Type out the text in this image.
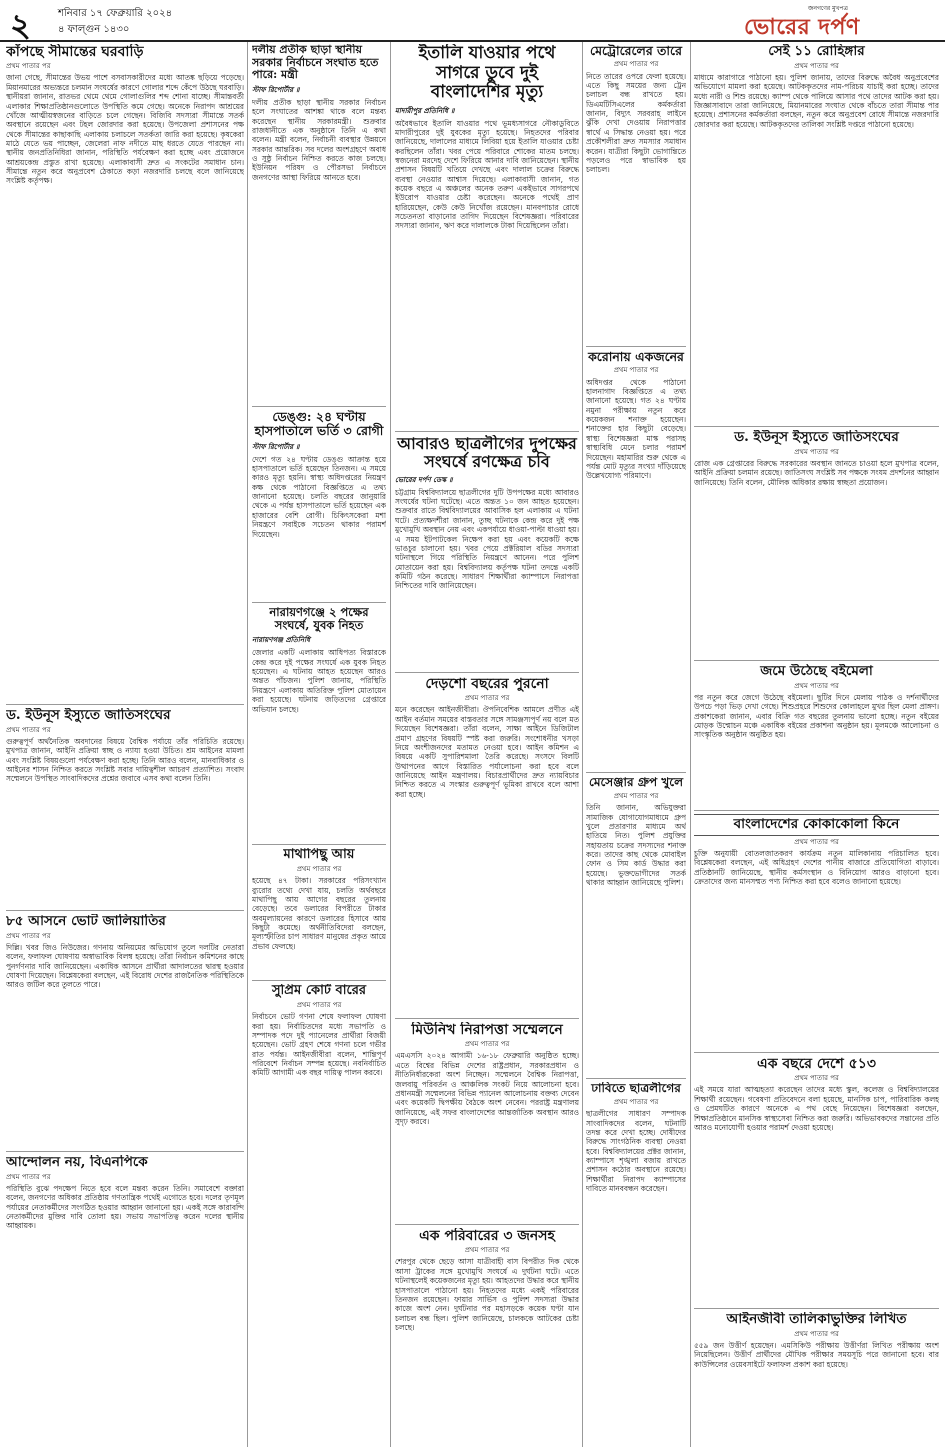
২	শনিবার ১৭ ফেব্রুয়ারি ২০২৪
৪ ফাল্গুন ১৪৩০
জনগণের মুখপত্র
ভোরের দর্পণ
কাঁপছে সীমান্তের ঘরবাড়ি
প্রথম পাতার পর

জানা গেছে, সীমান্তের উভয় পাশে বসবাসকারীদের মধ্যে আতঙ্ক ছড়িয়ে পড়েছে। মিয়ানমারের অভ্যন্তরে চলমান সংঘর্ষের কারণে গোলার শব্দে কেঁপে উঠছে ঘরবাড়ি। স্থানীয়রা জানান, রাতভর থেমে থেমে গোলাগুলির শব্দ শোনা যাচ্ছে। সীমান্তবর্তী এলাকার শিক্ষাপ্রতিষ্ঠানগুলোতে উপস্থিতি কমে গেছে। অনেকে নিরাপদ আশ্রয়ের খোঁজে আত্মীয়স্বজনের বাড়িতে চলে গেছেন। বিজিবি সদস্যরা সীমান্তে সতর্ক অবস্থানে রয়েছেন এবং টহল জোরদার করা হয়েছে। উপজেলা প্রশাসনের পক্ষ থেকে সীমান্তের কাছাকাছি এলাকায় চলাচলে সতর্কতা জারি করা হয়েছে। কৃষকেরা মাঠে যেতে ভয় পাচ্ছেন, জেলেরা নাফ নদীতে মাছ ধরতে যেতে পারছেন না। স্থানীয় জনপ্রতিনিধিরা জানান, পরিস্থিতি পর্যবেক্ষণ করা হচ্ছে এবং প্রয়োজনে আশ্রয়কেন্দ্র প্রস্তুত রাখা হয়েছে। এলাকাবাসী দ্রুত এ সংকটের সমাধান চান। সীমান্তে নতুন করে অনুপ্রবেশ ঠেকাতে কড়া নজরদারি চলছে বলে জানিয়েছে সংশ্লিষ্ট কর্তৃপক্ষ।

ড. ইউনূস ইস্যুতে জাতিসংঘের
প্রথম পাতার পর

গুরুত্বপূর্ণ অর্থনৈতিক অবদানের বিষয়ে বৈশ্বিক পর্যায়ে তাঁর পরিচিতি রয়েছে। মুখপাত্র জানান, আইনি প্রক্রিয়া স্বচ্ছ ও ন্যায্য হওয়া উচিত। শ্রম আইনের মামলা এবং সংশ্লিষ্ট বিষয়গুলো পর্যবেক্ষণ করা হচ্ছে। তিনি আরও বলেন, মানবাধিকার ও আইনের শাসন নিশ্চিত করতে সংশ্লিষ্ট সবার দায়িত্বশীল আচরণ প্রত্যাশিত। সংবাদ সম্মেলনে উপস্থিত সাংবাদিকদের প্রশ্নের জবাবে এসব কথা বলেন তিনি।

৮৫ আসনে ভোট জালিয়াতির
প্রথম পাতার পর

দিল্লি। খবর জিও নিউজের। গণনায় অনিয়মের অভিযোগ তুলে দলটির নেতারা বলেন, ফলাফল ঘোষণায় অস্বাভাবিক বিলম্ব হয়েছে। তাঁরা নির্বাচন কমিশনের কাছে পুনর্গণনার দাবি জানিয়েছেন। একাধিক আসনে প্রার্থীরা আদালতের দ্বারস্থ হওয়ার ঘোষণা দিয়েছেন। বিশ্লেষকেরা বলছেন, এই বিরোধ দেশের রাজনৈতিক পরিস্থিতিকে আরও জটিল করে তুলতে পারে।

আন্দোলন নয়, বিএনপিকে
প্রথম পাতার পর

পরিস্থিতি বুঝে পদক্ষেপ নিতে হবে বলে মন্তব্য করেন তিনি। সমাবেশে বক্তারা বলেন, জনগণের অধিকার প্রতিষ্ঠায় গণতান্ত্রিক পথেই এগোতে হবে। দলের তৃণমূল পর্যায়ের নেতাকর্মীদের সংগঠিত হওয়ার আহ্বান জানানো হয়। একই সঙ্গে কারাবন্দি নেতাকর্মীদের মুক্তির দাবি তোলা হয়। সভায় সভাপতিত্ব করেন দলের স্থানীয় আহ্বায়ক।

দলীয় প্রতীক ছাড়া স্থানীয় সরকার নির্বাচনে সংঘাত হতে পারে: মন্ত্রী
স্টাফ রিপোর্টার ॥

দলীয় প্রতীক ছাড়া স্থানীয় সরকার নির্বাচন হলে সংঘাতের আশঙ্কা থাকে বলে মন্তব্য করেছেন স্থানীয় সরকারমন্ত্রী। শুক্রবার রাজধানীতে এক অনুষ্ঠানে তিনি এ কথা বলেন। মন্ত্রী বলেন, নির্বাচনী ব্যবস্থার উন্নয়নে সরকার আন্তরিক। সব দলের অংশগ্রহণে অবাধ ও সুষ্ঠু নির্বাচন নিশ্চিত করতে কাজ চলছে। ইউনিয়ন পরিষদ ও পৌরসভা নির্বাচনে জনগণের আস্থা ফিরিয়ে আনতে হবে।

ডেঙ্গু: ২৪ ঘণ্টায় হাসপাতালে ভর্তি ৩ রোগী
স্টাফ রিপোর্টার ॥

দেশে গত ২৪ ঘণ্টায় ডেঙ্গু আক্রান্ত হয়ে হাসপাতালে ভর্তি হয়েছেন তিনজন। এ সময়ে কারও মৃত্যু হয়নি। স্বাস্থ্য অধিদপ্তরের নিয়ন্ত্রণ কক্ষ থেকে পাঠানো বিজ্ঞপ্তিতে এ তথ্য জানানো হয়েছে। চলতি বছরের জানুয়ারি থেকে এ পর্যন্ত হাসপাতালে ভর্তি হয়েছেন এক হাজারের বেশি রোগী। চিকিৎসকেরা মশা নিয়ন্ত্রণে সবাইকে সচেতন থাকার পরামর্শ দিয়েছেন।

নারায়ণগঞ্জে ২ পক্ষের সংঘর্ষে, যুবক নিহত
নারায়ণগঞ্জ প্রতিনিধি

জেলার একটি এলাকায় আধিপত্য বিস্তারকে কেন্দ্র করে দুই পক্ষের সংঘর্ষে এক যুবক নিহত হয়েছেন। এ ঘটনায় আহত হয়েছেন আরও অন্তত পাঁচজন। পুলিশ জানায়, পরিস্থিতি নিয়ন্ত্রণে এলাকায় অতিরিক্ত পুলিশ মোতায়েন করা হয়েছে। ঘটনায় জড়িতদের গ্রেপ্তারে অভিযান চলছে।

মাথাপিছু আয়
প্রথম পাতার পর

হয়েছে ৪৭ টাকা। সরকারের পরিসংখ্যান ব্যুরোর তথ্যে দেখা যায়, চলতি অর্থবছরে মাথাপিছু আয় আগের বছরের তুলনায় বেড়েছে। তবে ডলারের বিপরীতে টাকার অবমূল্যায়নের কারণে ডলারের হিসাবে আয় কিছুটা কমেছে। অর্থনীতিবিদেরা বলছেন, মূল্যস্ফীতির চাপ সাধারণ মানুষের প্রকৃত আয়ে প্রভাব ফেলছে।

সুপ্রিম কোর্ট বারের
প্রথম পাতার পর

নির্বাচনে ভোট গণনা শেষে ফলাফল ঘোষণা করা হয়। নির্বাচিতদের মধ্যে সভাপতি ও সম্পাদক পদে দুই প্যানেলের প্রার্থীরা বিজয়ী হয়েছেন। ভোট গ্রহণ শেষে গণনা চলে গভীর রাত পর্যন্ত। আইনজীবীরা বলেন, শান্তিপূর্ণ পরিবেশে নির্বাচন সম্পন্ন হয়েছে। নবনির্বাচিত কমিটি আগামী এক বছর দায়িত্ব পালন করবে।

ইতালি যাওয়ার পথে সাগরে ডুবে দুই বাংলাদেশির মৃত্যু
মাদারীপুর প্রতিনিধি ॥

অবৈধভাবে ইতালি যাওয়ার পথে ভূমধ্যসাগরে নৌকাডুবিতে মাদারীপুরের দুই যুবকের মৃত্যু হয়েছে। নিহতদের পরিবার জানিয়েছে, দালালের মাধ্যমে লিবিয়া হয়ে ইতালি যাওয়ার চেষ্টা করছিলেন তাঁরা। খবর পেয়ে পরিবারে শোকের মাতম চলছে। স্বজনেরা মরদেহ দেশে ফিরিয়ে আনার দাবি জানিয়েছেন। স্থানীয় প্রশাসন বিষয়টি খতিয়ে দেখছে এবং দালাল চক্রের বিরুদ্ধে ব্যবস্থা নেওয়ার আশ্বাস দিয়েছে। এলাকাবাসী জানান, গত কয়েক বছরে এ অঞ্চলের অনেক তরুণ একইভাবে সাগরপথে ইউরোপ যাওয়ার চেষ্টা করেছেন। অনেকে পথেই প্রাণ হারিয়েছেন, কেউ কেউ নিখোঁজ রয়েছেন। মানবপাচার রোধে সচেতনতা বাড়ানোর তাগিদ দিয়েছেন বিশেষজ্ঞরা। পরিবারের সদস্যরা জানান, ঋণ করে দালালকে টাকা দিয়েছিলেন তাঁরা।

আবারও ছাত্রলীগের দুপক্ষের সংঘর্ষে রণক্ষেত্র চবি
ভোরের দর্পণ ডেস্ক ॥

চট্টগ্রাম বিশ্ববিদ্যালয়ে ছাত্রলীগের দুটি উপপক্ষের মধ্যে আবারও সংঘর্ষের ঘটনা ঘটেছে। এতে অন্তত ১০ জন আহত হয়েছেন। শুক্রবার রাতে বিশ্ববিদ্যালয়ের আবাসিক হল এলাকায় এ ঘটনা ঘটে। প্রত্যক্ষদর্শীরা জানান, তুচ্ছ ঘটনাকে কেন্দ্র করে দুই পক্ষ মুখোমুখি অবস্থান নেয় এবং একপর্যায়ে ধাওয়া-পাল্টা ধাওয়া হয়। এ সময় ইটপাটকেল নিক্ষেপ করা হয় এবং কয়েকটি কক্ষে ভাঙচুর চালানো হয়। খবর পেয়ে প্রক্টরিয়াল বডির সদস্যরা ঘটনাস্থলে গিয়ে পরিস্থিতি নিয়ন্ত্রণে আনেন। পরে পুলিশ মোতায়েন করা হয়। বিশ্ববিদ্যালয় কর্তৃপক্ষ ঘটনা তদন্তে একটি কমিটি গঠন করেছে। সাধারণ শিক্ষার্থীরা ক্যাম্পাসে নিরাপত্তা নিশ্চিতের দাবি জানিয়েছেন।

দেড়শো বছরের পুরনো
প্রথম পাতার পর

মনে করেছেন আইনজীবীরা। ঔপনিবেশিক আমলে প্রণীত এই আইন বর্তমান সময়ের বাস্তবতার সঙ্গে সামঞ্জস্যপূর্ণ নয় বলে মত দিয়েছেন বিশেষজ্ঞরা। তাঁরা বলেন, সাক্ষ্য আইনে ডিজিটাল প্রমাণ গ্রহণের বিষয়টি স্পষ্ট করা জরুরি। সংশোধনীর খসড়া নিয়ে অংশীজনদের মতামত নেওয়া হবে। আইন কমিশন এ বিষয়ে একটি সুপারিশমালা তৈরি করেছে। সংসদে বিলটি উত্থাপনের আগে বিস্তারিত পর্যালোচনা করা হবে বলে জানিয়েছে আইন মন্ত্রণালয়। বিচারপ্রার্থীদের দ্রুত ন্যায়বিচার নিশ্চিত করতে এ সংস্কার গুরুত্বপূর্ণ ভূমিকা রাখবে বলে আশা করা হচ্ছে।

মিউনিখ নিরাপত্তা সম্মেলনে
প্রথম পাতার পর

এমএসসি ২০২৪ আগামী ১৬-১৮ ফেব্রুয়ারি অনুষ্ঠিত হচ্ছে। এতে বিশ্বের বিভিন্ন দেশের রাষ্ট্রপ্রধান, সরকারপ্রধান ও নীতিনির্ধারকেরা অংশ নিচ্ছেন। সম্মেলনে বৈশ্বিক নিরাপত্তা, জলবায়ু পরিবর্তন ও আঞ্চলিক সংকট নিয়ে আলোচনা হবে। প্রধানমন্ত্রী সম্মেলনের বিভিন্ন প্যানেল আলোচনায় বক্তব্য দেবেন এবং কয়েকটি দ্বিপক্ষীয় বৈঠকে অংশ নেবেন। পররাষ্ট্র মন্ত্রণালয় জানিয়েছে, এই সফর বাংলাদেশের আন্তর্জাতিক অবস্থান আরও সুদৃঢ় করবে।

এক পরিবারের ৩ জনসহ
প্রথম পাতার পর

শেরপুর থেকে ছেড়ে আসা যাত্রীবাহী বাস বিপরীত দিক থেকে আসা ট্রাকের সঙ্গে মুখোমুখি সংঘর্ষে এ দুর্ঘটনা ঘটে। এতে ঘটনাস্থলেই কয়েকজনের মৃত্যু হয়। আহতদের উদ্ধার করে স্থানীয় হাসপাতালে পাঠানো হয়। নিহতদের মধ্যে একই পরিবারের তিনজন রয়েছেন। ফায়ার সার্ভিস ও পুলিশ সদস্যরা উদ্ধার কাজে অংশ নেন। দুর্ঘটনার পর মহাসড়কে কয়েক ঘণ্টা যান চলাচল বন্ধ ছিল। পুলিশ জানিয়েছে, চালককে আটকের চেষ্টা চলছে।

মেট্রোরেলের তারে
প্রথম পাতার পর

নিতে তারের ওপরে ফেলা হয়েছে। এতে কিছু সময়ের জন্য ট্রেন চলাচল বন্ধ রাখতে হয়। ডিএমটিসিএলের কর্মকর্তারা জানান, বিদ্যুৎ সরবরাহ লাইনে ঝুঁকি দেখা দেওয়ায় নিরাপত্তার স্বার্থে এ সিদ্ধান্ত নেওয়া হয়। পরে প্রকৌশলীরা দ্রুত সমস্যার সমাধান করেন। যাত্রীরা কিছুটা ভোগান্তিতে পড়লেও পরে স্বাভাবিক হয় চলাচল।

করোনায় একজনের
প্রথম পাতার পর

অধিদপ্তর থেকে পাঠানো হালনাগাদ বিজ্ঞপ্তিতে এ তথ্য জানানো হয়েছে। গত ২৪ ঘণ্টায় নমুনা পরীক্ষায় নতুন করে কয়েকজন শনাক্ত হয়েছেন। শনাক্তের হার কিছুটা বেড়েছে। স্বাস্থ্য বিশেষজ্ঞরা মাস্ক পরাসহ স্বাস্থ্যবিধি মেনে চলার পরামর্শ দিয়েছেন। মহামারির শুরু থেকে এ পর্যন্ত মোট মৃত্যুর সংখ্যা দাঁড়িয়েছে উল্লেখযোগ্য পরিমাণে।

মেসেঞ্জার গ্রুপ খুলে
প্রথম পাতার পর

তিনি জানান, অভিযুক্তরা সামাজিক যোগাযোগমাধ্যমে গ্রুপ খুলে প্রতারণার মাধ্যমে অর্থ হাতিয়ে নিত। পুলিশ প্রযুক্তির সহায়তায় চক্রের সদস্যদের শনাক্ত করে। তাদের কাছ থেকে মোবাইল ফোন ও সিম কার্ড উদ্ধার করা হয়েছে। ভুক্তভোগীদের সতর্ক থাকার আহ্বান জানিয়েছে পুলিশ।

ঢাবিতে ছাত্রলীগের
প্রথম পাতার পর

ছাত্রলীগের সাধারণ সম্পাদক সাংবাদিকদের বলেন, ঘটনাটি তদন্ত করে দেখা হচ্ছে। দোষীদের বিরুদ্ধে সাংগঠনিক ব্যবস্থা নেওয়া হবে। বিশ্ববিদ্যালয়ের প্রক্টর জানান, ক্যাম্পাসে শৃঙ্খলা বজায় রাখতে প্রশাসন কঠোর অবস্থানে রয়েছে। শিক্ষার্থীরা নিরাপদ ক্যাম্পাসের দাবিতে মানববন্ধন করেছেন।

সেই ১১ রোহিঙ্গার
প্রথম পাতার পর

মাধ্যমে কারাগারে পাঠানো হয়। পুলিশ জানায়, তাদের বিরুদ্ধে অবৈধ অনুপ্রবেশের অভিযোগে মামলা করা হয়েছে। আটককৃতদের নাম-পরিচয় যাচাই করা হচ্ছে। তাদের মধ্যে নারী ও শিশু রয়েছে। ক্যাম্প থেকে পালিয়ে আসার পথে তাদের আটক করা হয়। জিজ্ঞাসাবাদে তারা জানিয়েছে, মিয়ানমারের সংঘাত থেকে বাঁচতে তারা সীমান্ত পার হয়েছে। প্রশাসনের কর্মকর্তারা বলছেন, নতুন করে অনুপ্রবেশ রোধে সীমান্তে নজরদারি জোরদার করা হয়েছে। আটককৃতদের তালিকা সংশ্লিষ্ট দপ্তরে পাঠানো হয়েছে।

ড. ইউনূস ইস্যুতে জাতিসংঘের
প্রথম পাতার পর

রোজ এক গ্রেপ্তারের বিরুদ্ধে সরকারের অবস্থান জানতে চাওয়া হলে মুখপাত্র বলেন, আইনি প্রক্রিয়া চলমান রয়েছে। জাতিসংঘ সংশ্লিষ্ট সব পক্ষকে সংযম প্রদর্শনের আহ্বান জানিয়েছে। তিনি বলেন, মৌলিক অধিকার রক্ষায় স্বচ্ছতা প্রয়োজন।

জমে উঠেছে বইমেলা
প্রথম পাতার পর

পর নতুন করে জেগে উঠেছে বইমেলা। ছুটির দিনে মেলায় পাঠক ও দর্শনার্থীদের উপচে পড়া ভিড় দেখা গেছে। শিশুপ্রহরে শিশুদের কোলাহলে মুখর ছিল মেলা প্রাঙ্গণ। প্রকাশকেরা জানান, এবার বিক্রি গত বছরের তুলনায় ভালো হচ্ছে। নতুন বইয়ের মোড়ক উন্মোচন মঞ্চে একাধিক বইয়ের প্রকাশনা অনুষ্ঠান হয়। মূলমঞ্চে আলোচনা ও সাংস্কৃতিক অনুষ্ঠান অনুষ্ঠিত হয়।

বাংলাদেশের কোকাকোলা কিনে
প্রথম পাতার পর

চুক্তি অনুযায়ী বোতলজাতকরণ কার্যক্রম নতুন মালিকানায় পরিচালিত হবে। বিশ্লেষকেরা বলছেন, এই অধিগ্রহণ দেশের পানীয় বাজারে প্রতিযোগিতা বাড়াবে। প্রতিষ্ঠানটি জানিয়েছে, স্থানীয় কর্মসংস্থান ও বিনিয়োগ আরও বাড়ানো হবে। ক্রেতাদের জন্য মানসম্মত পণ্য নিশ্চিত করা হবে বলেও জানানো হয়েছে।

এক বছরে দেশে ৫১৩
প্রথম পাতার পর

এই সময়ে যারা আত্মহত্যা করেছেন তাদের মধ্যে স্কুল, কলেজ ও বিশ্ববিদ্যালয়ের শিক্ষার্থী রয়েছেন। গবেষণা প্রতিবেদনে বলা হয়েছে, মানসিক চাপ, পারিবারিক কলহ ও প্রেমঘটিত কারণে অনেকে এ পথ বেছে নিয়েছেন। বিশেষজ্ঞরা বলছেন, শিক্ষাপ্রতিষ্ঠানে মানসিক স্বাস্থ্যসেবা নিশ্চিত করা জরুরি। অভিভাবকদের সন্তানের প্রতি আরও মনোযোগী হওয়ার পরামর্শ দেওয়া হয়েছে।

আইনজীবী তালিকাভুক্তির লিখিত
প্রথম পাতার পর

৫৫৯ জন উত্তীর্ণ হয়েছেন। এমসিকিউ পরীক্ষায় উত্তীর্ণরা লিখিত পরীক্ষায় অংশ নিয়েছিলেন। উত্তীর্ণ প্রার্থীদের মৌখিক পরীক্ষার সময়সূচি পরে জানানো হবে। বার কাউন্সিলের ওয়েবসাইটে ফলাফল প্রকাশ করা হয়েছে।
